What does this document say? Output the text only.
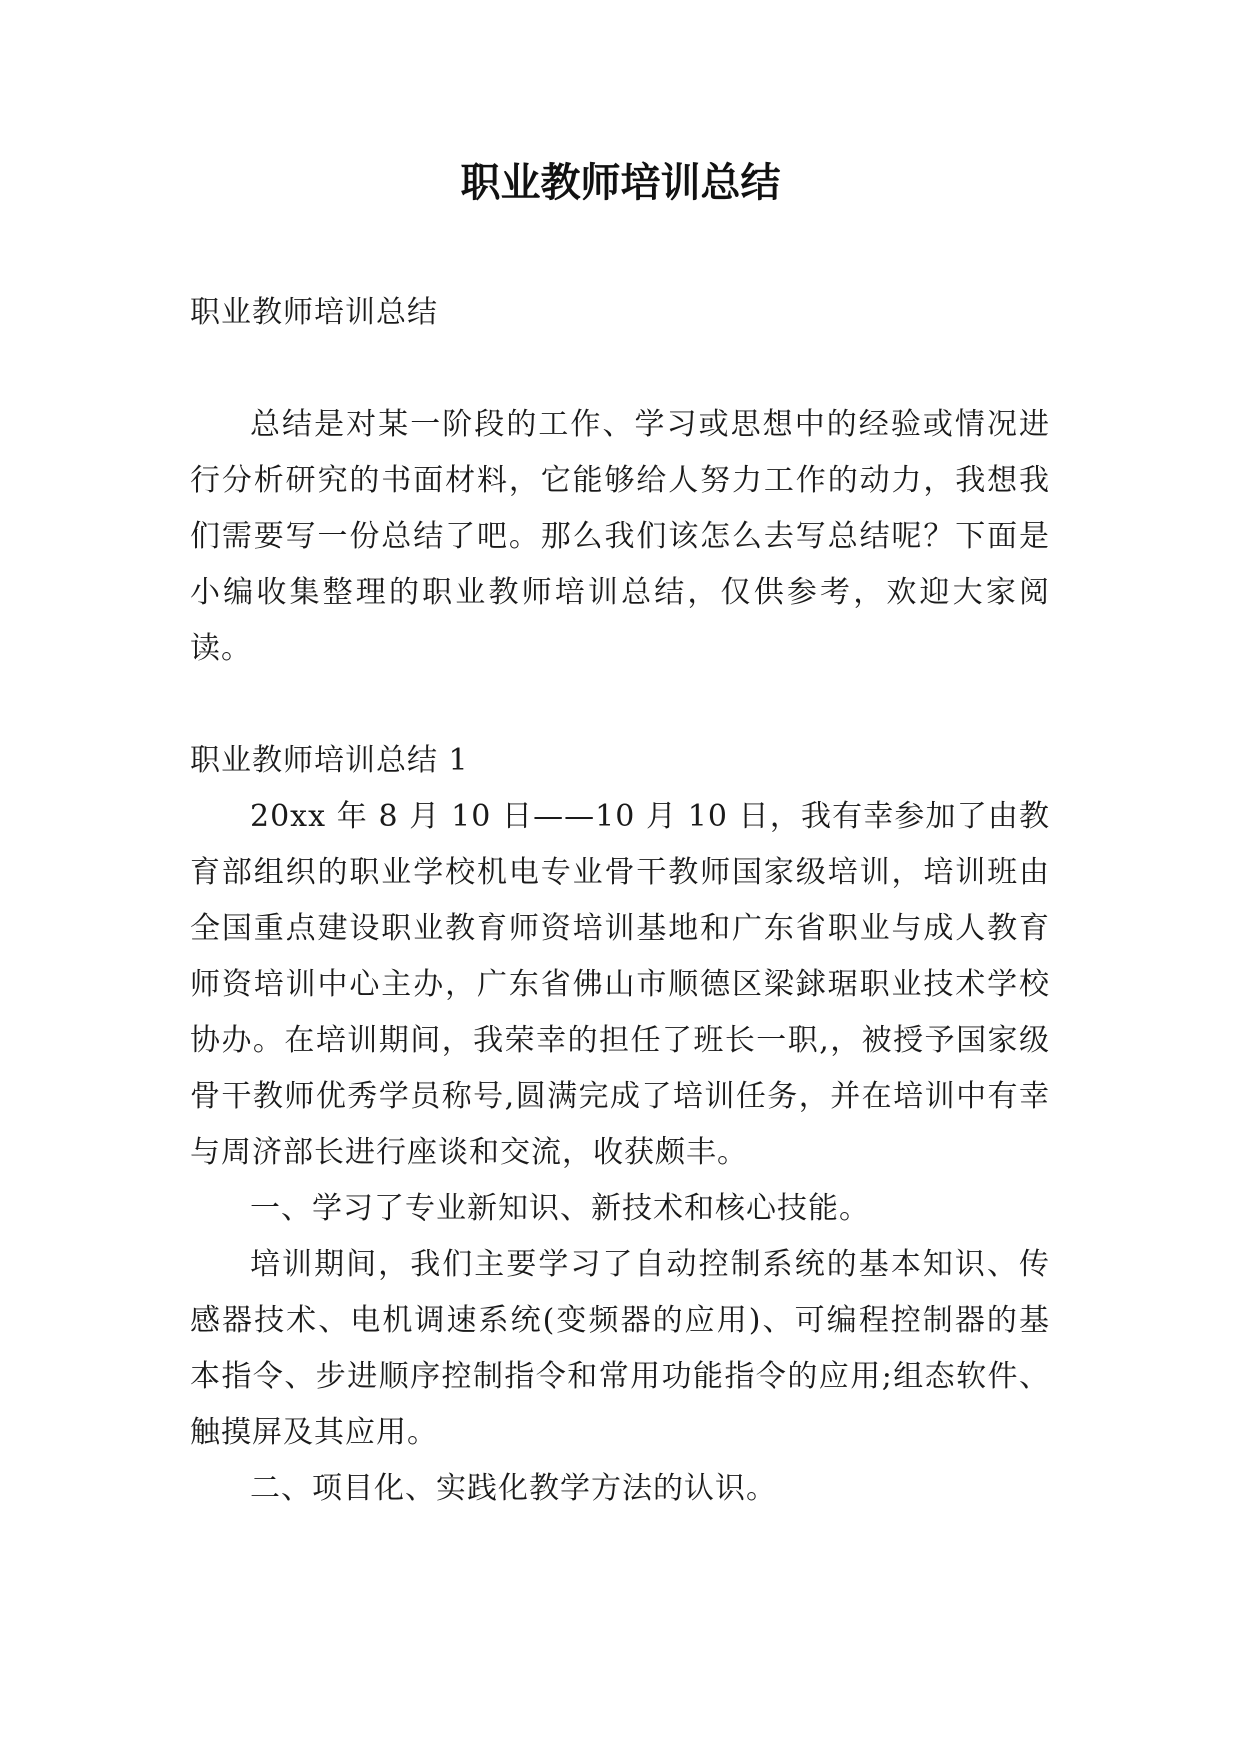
职业教师培训总结

职业教师培训总结

总结是对某一阶段的工作、学习或思想中的经验或情况进行分析研究的书面材料，它能够给人努力工作的动力，我想我们需要写一份总结了吧。那么我们该怎么去写总结呢？下面是小编收集整理的职业教师培训总结，仅供参考，欢迎大家阅读。

职业教师培训总结 1

20xx 年 8 月 10 日——10 月 10 日，我有幸参加了由教育部组织的职业学校机电专业骨干教师国家级培训，培训班由全国重点建设职业教育师资培训基地和广东省职业与成人教育师资培训中心主办，广东省佛山市顺德区梁銶琚职业技术学校协办。在培训期间，我荣幸的担任了班长一职,，被授予国家级骨干教师优秀学员称号,圆满完成了培训任务，并在培训中有幸与周济部长进行座谈和交流，收获颇丰。

一、学习了专业新知识、新技术和核心技能。

培训期间，我们主要学习了自动控制系统的基本知识、传感器技术、电机调速系统(变频器的应用)、可编程控制器的基本指令、步进顺序控制指令和常用功能指令的应用;组态软件、触摸屏及其应用。

二、项目化、实践化教学方法的认识。
